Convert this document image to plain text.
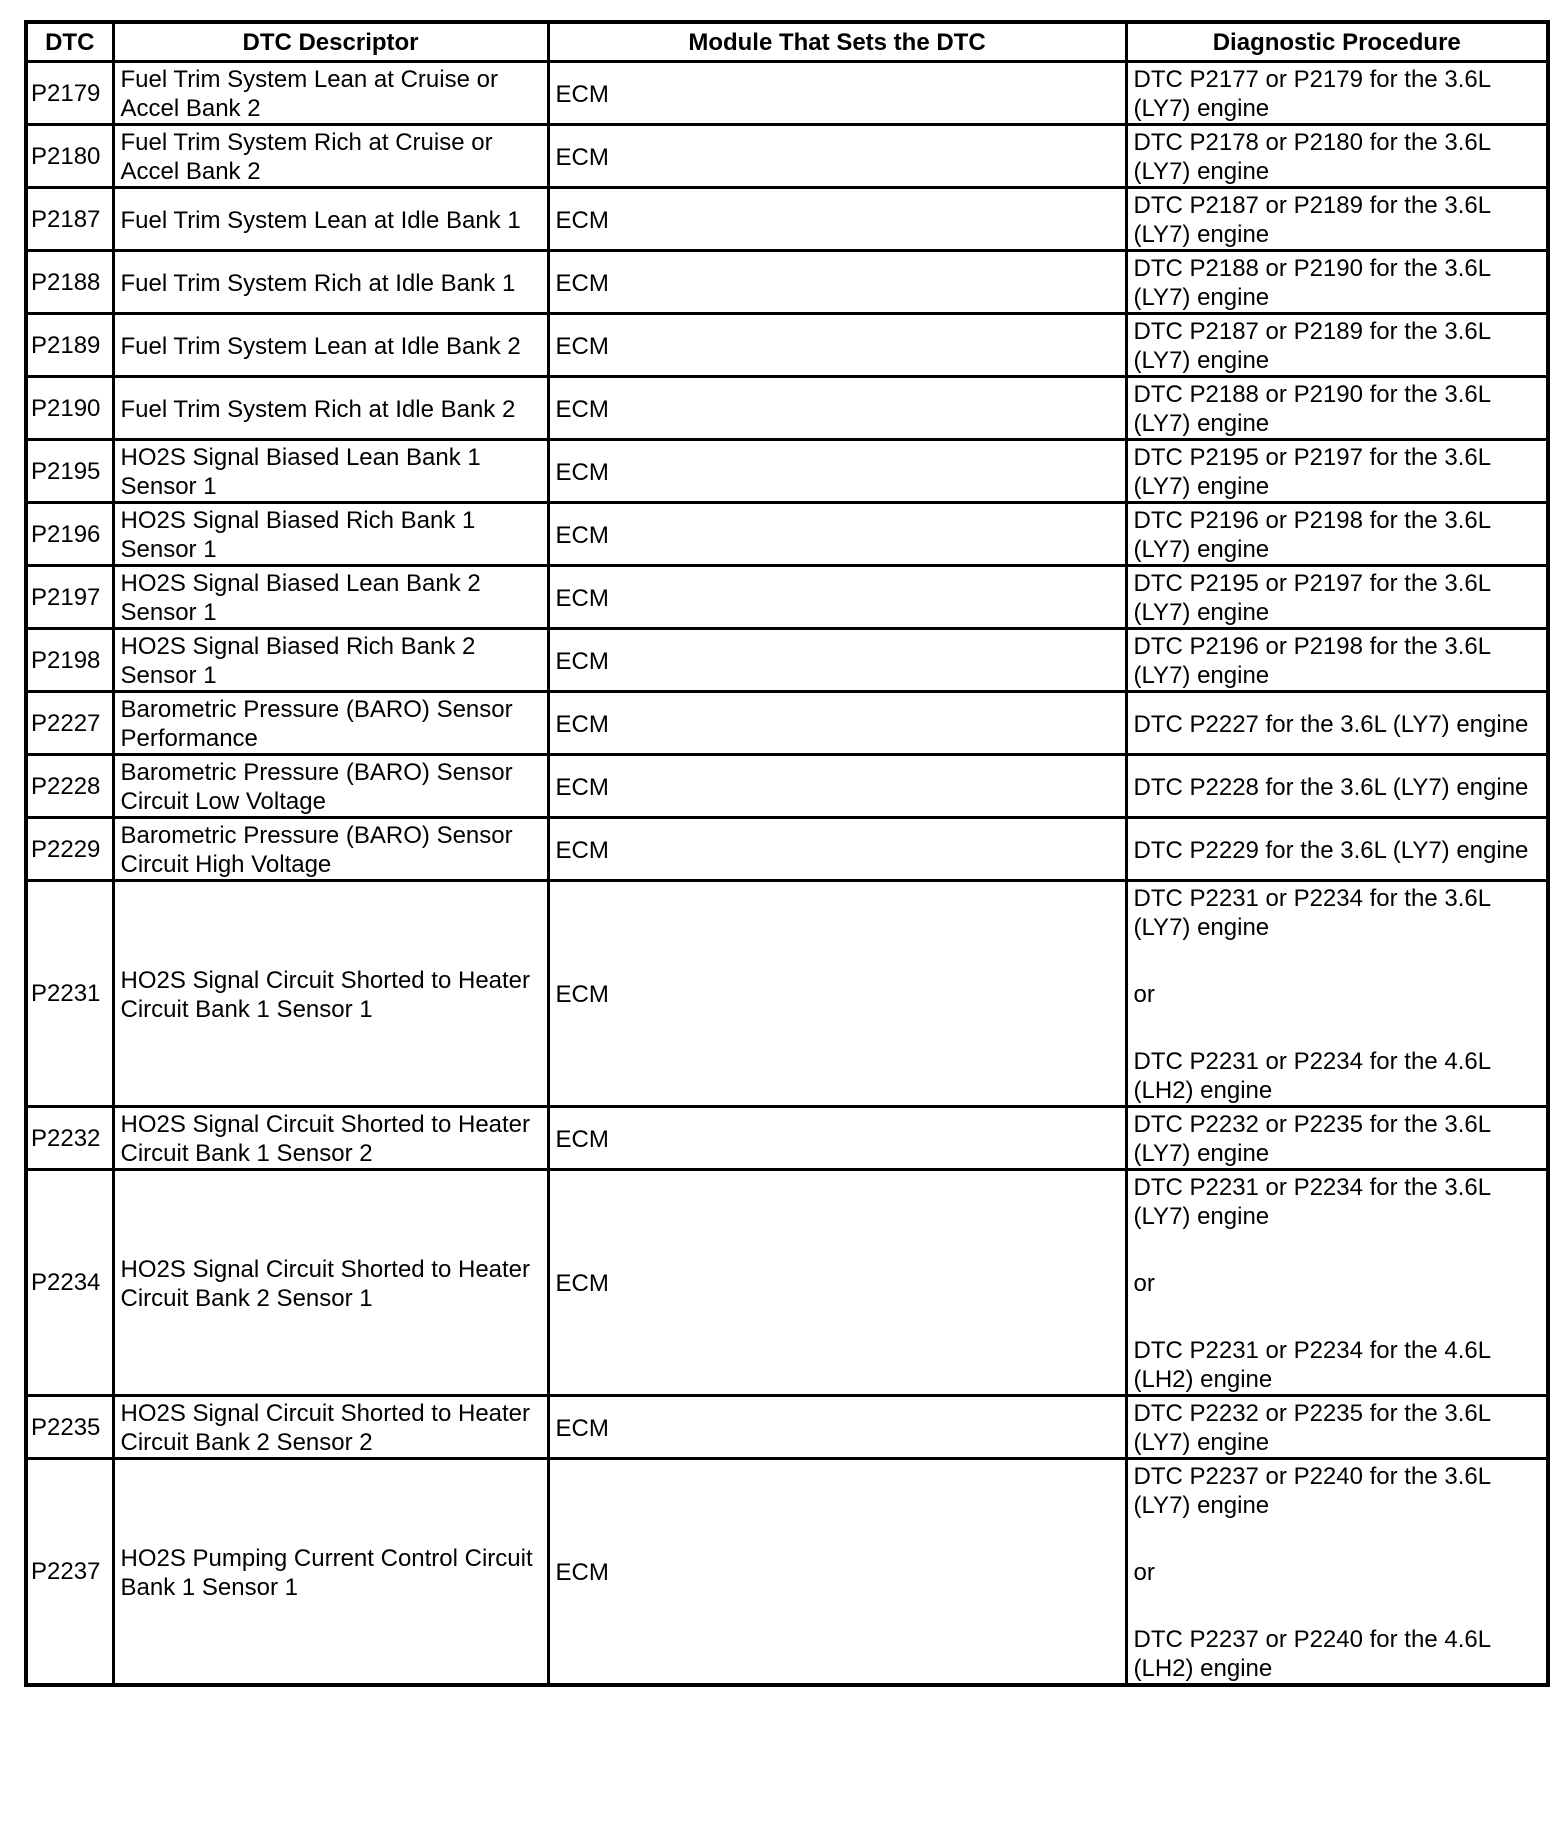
DTC	DTC Descriptor	Module That Sets the DTC	Diagnostic Procedure
P2179	Fuel Trim System Lean at Cruise or Accel Bank 2	ECM	DTC P2177 or P2179 for the 3.6L (LY7) engine

P2180	Fuel Trim System Rich at Cruise or Accel Bank 2	ECM	DTC P2178 or P2180 for the 3.6L (LY7) engine

P2187	Fuel Trim System Lean at Idle Bank 1	ECM	DTC P2187 or P2189 for the 3.6L (LY7) engine

P2188	Fuel Trim System Rich at Idle Bank 1	ECM	DTC P2188 or P2190 for the 3.6L (LY7) engine

P2189	Fuel Trim System Lean at Idle Bank 2	ECM	DTC P2187 or P2189 for the 3.6L (LY7) engine

P2190	Fuel Trim System Rich at Idle Bank 2	ECM	DTC P2188 or P2190 for the 3.6L (LY7) engine

P2195	HO2S Signal Biased Lean Bank 1 Sensor 1	ECM	DTC P2195 or P2197 for the 3.6L (LY7) engine

P2196	HO2S Signal Biased Rich Bank 1 Sensor 1	ECM	DTC P2196 or P2198 for the 3.6L (LY7) engine

P2197	HO2S Signal Biased Lean Bank 2 Sensor 1	ECM	DTC P2195 or P2197 for the 3.6L (LY7) engine

P2198	HO2S Signal Biased Rich Bank 2 Sensor 1	ECM	DTC P2196 or P2198 for the 3.6L (LY7) engine

P2227	Barometric Pressure (BARO) Sensor Performance	ECM	DTC P2227 for the 3.6L (LY7) engine

P2228	Barometric Pressure (BARO) Sensor Circuit Low Voltage	ECM	DTC P2228 for the 3.6L (LY7) engine

P2229	Barometric Pressure (BARO) Sensor Circuit High Voltage	ECM	DTC P2229 for the 3.6L (LY7) engine

P2231	HO2S Signal Circuit Shorted to Heater Circuit Bank 1 Sensor 1	ECM	DTC P2231 or P2234 for the 3.6L (LY7) engine
or
DTC P2231 or P2234 for the 4.6L (LH2) engine

P2232	HO2S Signal Circuit Shorted to Heater Circuit Bank 1 Sensor 2	ECM	DTC P2232 or P2235 for the 3.6L (LY7) engine

P2234	HO2S Signal Circuit Shorted to Heater Circuit Bank 2 Sensor 1	ECM	DTC P2231 or P2234 for the 3.6L (LY7) engine
or
DTC P2231 or P2234 for the 4.6L (LH2) engine

P2235	HO2S Signal Circuit Shorted to Heater Circuit Bank 2 Sensor 2	ECM	DTC P2232 or P2235 for the 3.6L (LY7) engine

P2237	HO2S Pumping Current Control Circuit Bank 1 Sensor 1	ECM	DTC P2237 or P2240 for the 3.6L (LY7) engine
or
DTC P2237 or P2240 for the 4.6L (LH2) engine
